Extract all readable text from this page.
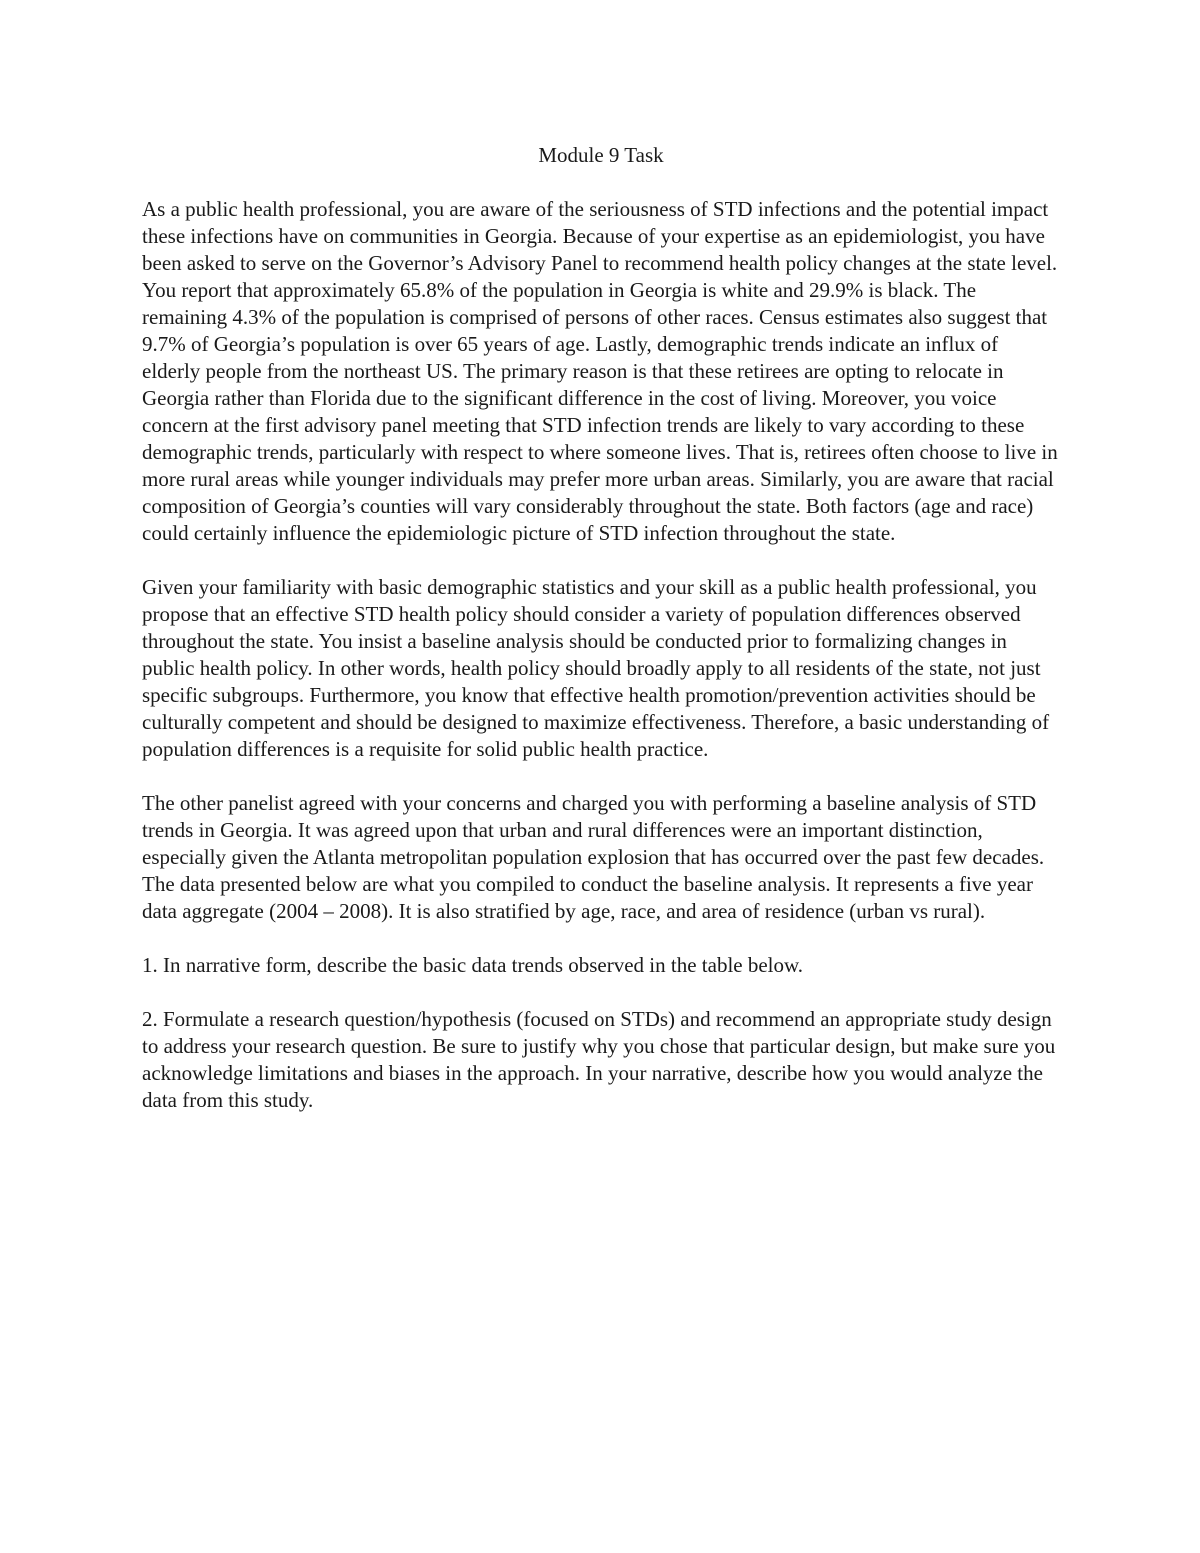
Module 9 Task

As a public health professional, you are aware of the seriousness of STD infections and the potential impact these infections have on communities in Georgia. Because of your expertise as an epidemiologist, you have been asked to serve on the Governor’s Advisory Panel to recommend health policy changes at the state level. You report that approximately 65.8% of the population in Georgia is white and 29.9% is black. The remaining 4.3% of the population is comprised of persons of other races. Census estimates also suggest that 9.7% of Georgia’s population is over 65 years of age. Lastly, demographic trends indicate an influx of elderly people from the northeast US. The primary reason is that these retirees are opting to relocate in Georgia rather than Florida due to the significant difference in the cost of living. Moreover, you voice concern at the first advisory panel meeting that STD infection trends are likely to vary according to these demographic trends, particularly with respect to where someone lives. That is, retirees often choose to live in more rural areas while younger individuals may prefer more urban areas. Similarly, you are aware that racial composition of Georgia’s counties will vary considerably throughout the state. Both factors (age and race) could certainly influence the epidemiologic picture of STD infection throughout the state.

Given your familiarity with basic demographic statistics and your skill as a public health professional, you propose that an effective STD health policy should consider a variety of population differences observed throughout the state. You insist a baseline analysis should be conducted prior to formalizing changes in public health policy. In other words, health policy should broadly apply to all residents of the state, not just specific subgroups. Furthermore, you know that effective health promotion/prevention activities should be culturally competent and should be designed to maximize effectiveness. Therefore, a basic understanding of population differences is a requisite for solid public health practice.

The other panelist agreed with your concerns and charged you with performing a baseline analysis of STD trends in Georgia. It was agreed upon that urban and rural differences were an important distinction, especially given the Atlanta metropolitan population explosion that has occurred over the past few decades. The data presented below are what you compiled to conduct the baseline analysis. It represents a five year data aggregate (2004 – 2008). It is also stratified by age, race, and area of residence (urban vs rural).

1. In narrative form, describe the basic data trends observed in the table below.

2. Formulate a research question/hypothesis (focused on STDs) and recommend an appropriate study design to address your research question. Be sure to justify why you chose that particular design, but make sure you acknowledge limitations and biases in the approach. In your narrative, describe how you would analyze the data from this study.
